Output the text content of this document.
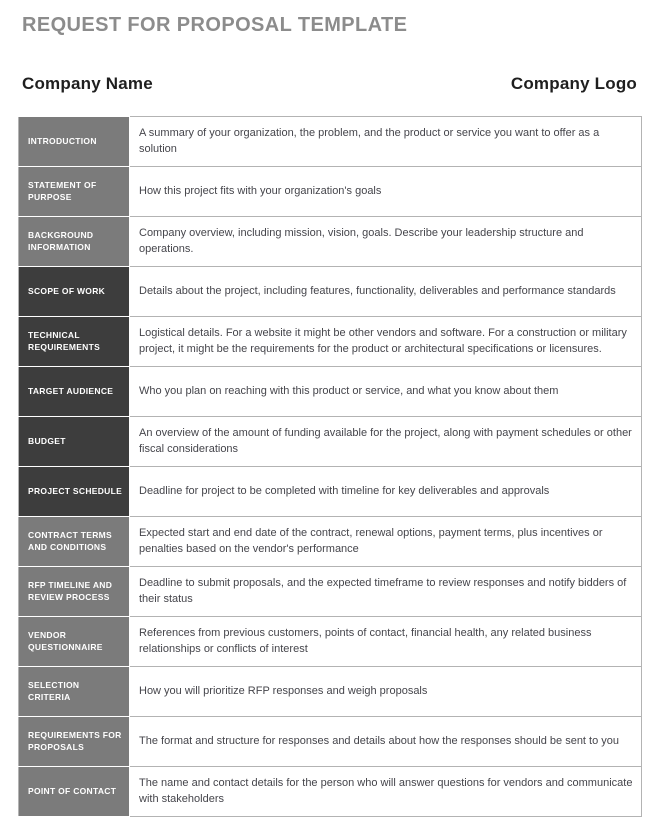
REQUEST FOR PROPOSAL TEMPLATE
Company Name	Company Logo
INTRODUCTION	A summary of your organization, the problem, and the product or service you want to offer as a solution
STATEMENT OF PURPOSE	How this project fits with your organization's goals
BACKGROUND INFORMATION	Company overview, including mission, vision, goals. Describe your leadership structure and operations.
SCOPE OF WORK	Details about the project, including features, functionality, deliverables and performance standards
TECHNICAL REQUIREMENTS	Logistical details. For a website it might be other vendors and software. For a construction or military project, it might be the requirements for the product or architectural specifications or licensures.
TARGET AUDIENCE	Who you plan on reaching with this product or service, and what you know about them
BUDGET	An overview of the amount of funding available for the project, along with payment schedules or other fiscal considerations
PROJECT SCHEDULE	Deadline for project to be completed with timeline for key deliverables and approvals
CONTRACT TERMS AND CONDITIONS	Expected start and end date of the contract, renewal options, payment terms, plus incentives or penalties based on the vendor's performance
RFP TIMELINE AND REVIEW PROCESS	Deadline to submit proposals, and the expected timeframe to review responses and notify bidders of their status
VENDOR QUESTIONNAIRE	References from previous customers, points of contact, financial health, any related business relationships or conflicts of interest
SELECTION CRITERIA	How you will prioritize RFP responses and weigh proposals
REQUIREMENTS FOR PROPOSALS	The format and structure for responses and details about how the responses should be sent to you
POINT OF CONTACT	The name and contact details for the person who will answer questions for vendors and communicate with stakeholders
